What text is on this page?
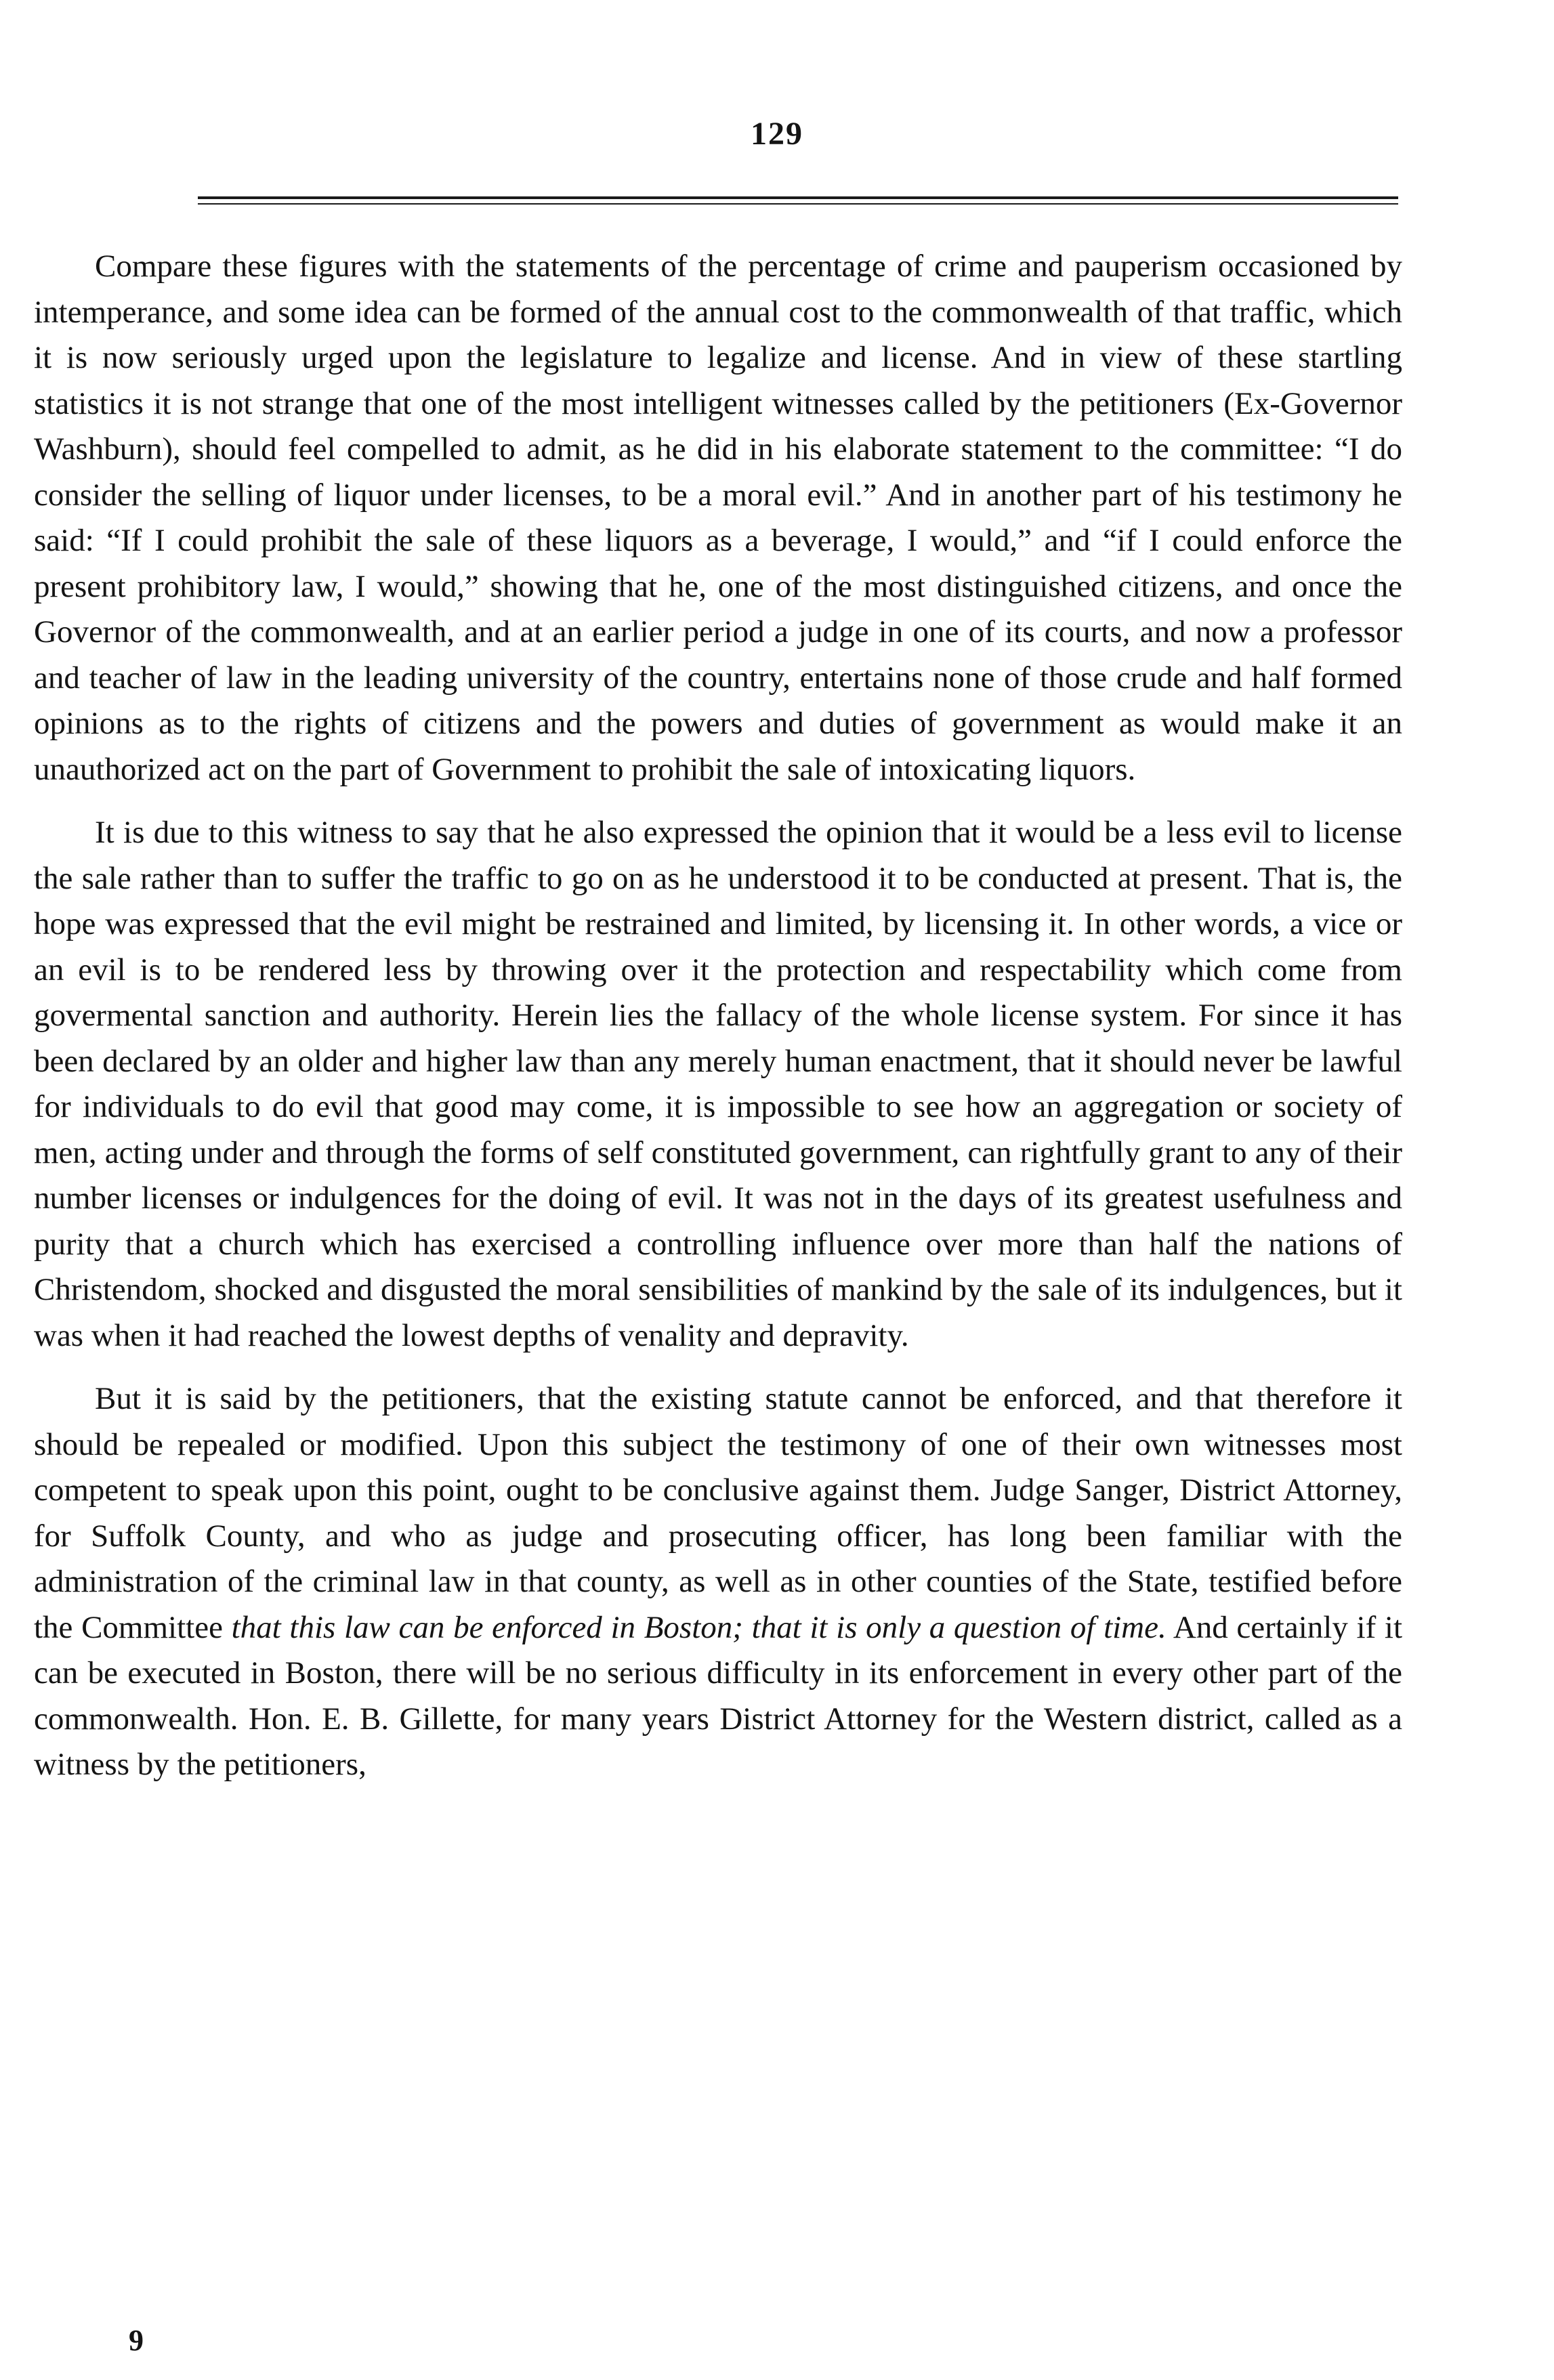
129

Compare these figures with the statements of the percentage of crime and pauperism occasioned by intemperance, and some idea can be formed of the annual cost to the commonwealth of that traffic, which it is now seriously urged upon the legislature to legalize and license. And in view of these startling statistics it is not strange that one of the most intelligent witnesses called by the petitioners (Ex-Governor Washburn), should feel compelled to admit, as he did in his elaborate statement to the committee: “I do consider the selling of liquor under licenses, to be a moral evil.” And in another part of his testimony he said: “If I could prohibit the sale of these liquors as a beverage, I would,” and “if I could enforce the present prohibitory law, I would,” showing that he, one of the most distinguished citizens, and once the Governor of the commonwealth, and at an earlier period a judge in one of its courts, and now a professor and teacher of law in the leading university of the country, entertains none of those crude and half formed opinions as to the rights of citizens and the powers and duties of government as would make it an unauthorized act on the part of Government to prohibit the sale of intoxicating liquors.

It is due to this witness to say that he also expressed the opinion that it would be a less evil to license the sale rather than to suffer the traffic to go on as he understood it to be conducted at present. That is, the hope was expressed that the evil might be restrained and limited, by licensing it. In other words, a vice or an evil is to be rendered less by throwing over it the protection and respectability which come from govermental sanction and authority. Herein lies the fallacy of the whole license system. For since it has been declared by an older and higher law than any merely human enactment, that it should never be lawful for individuals to do evil that good may come, it is impossible to see how an aggregation or society of men, acting under and through the forms of self constituted government, can rightfully grant to any of their number licenses or indulgences for the doing of evil. It was not in the days of its greatest usefulness and purity that a church which has exercised a controlling influence over more than half the nations of Christendom, shocked and disgusted the moral sensibilities of mankind by the sale of its indulgences, but it was when it had reached the lowest depths of venality and depravity.

But it is said by the petitioners, that the existing statute cannot be enforced, and that therefore it should be repealed or modified. Upon this subject the testimony of one of their own witnesses most competent to speak upon this point, ought to be conclusive against them. Judge Sanger, District Attorney, for Suffolk County, and who as judge and prosecuting officer, has long been familiar with the administration of the criminal law in that county, as well as in other counties of the State, testified before the Committee that this law can be enforced in Boston; that it is only a question of time. And certainly if it can be executed in Boston, there will be no serious difficulty in its enforcement in every other part of the commonwealth. Hon. E. B. Gillette, for many years District Attorney for the Western district, called as a witness by the petitioners,

9
